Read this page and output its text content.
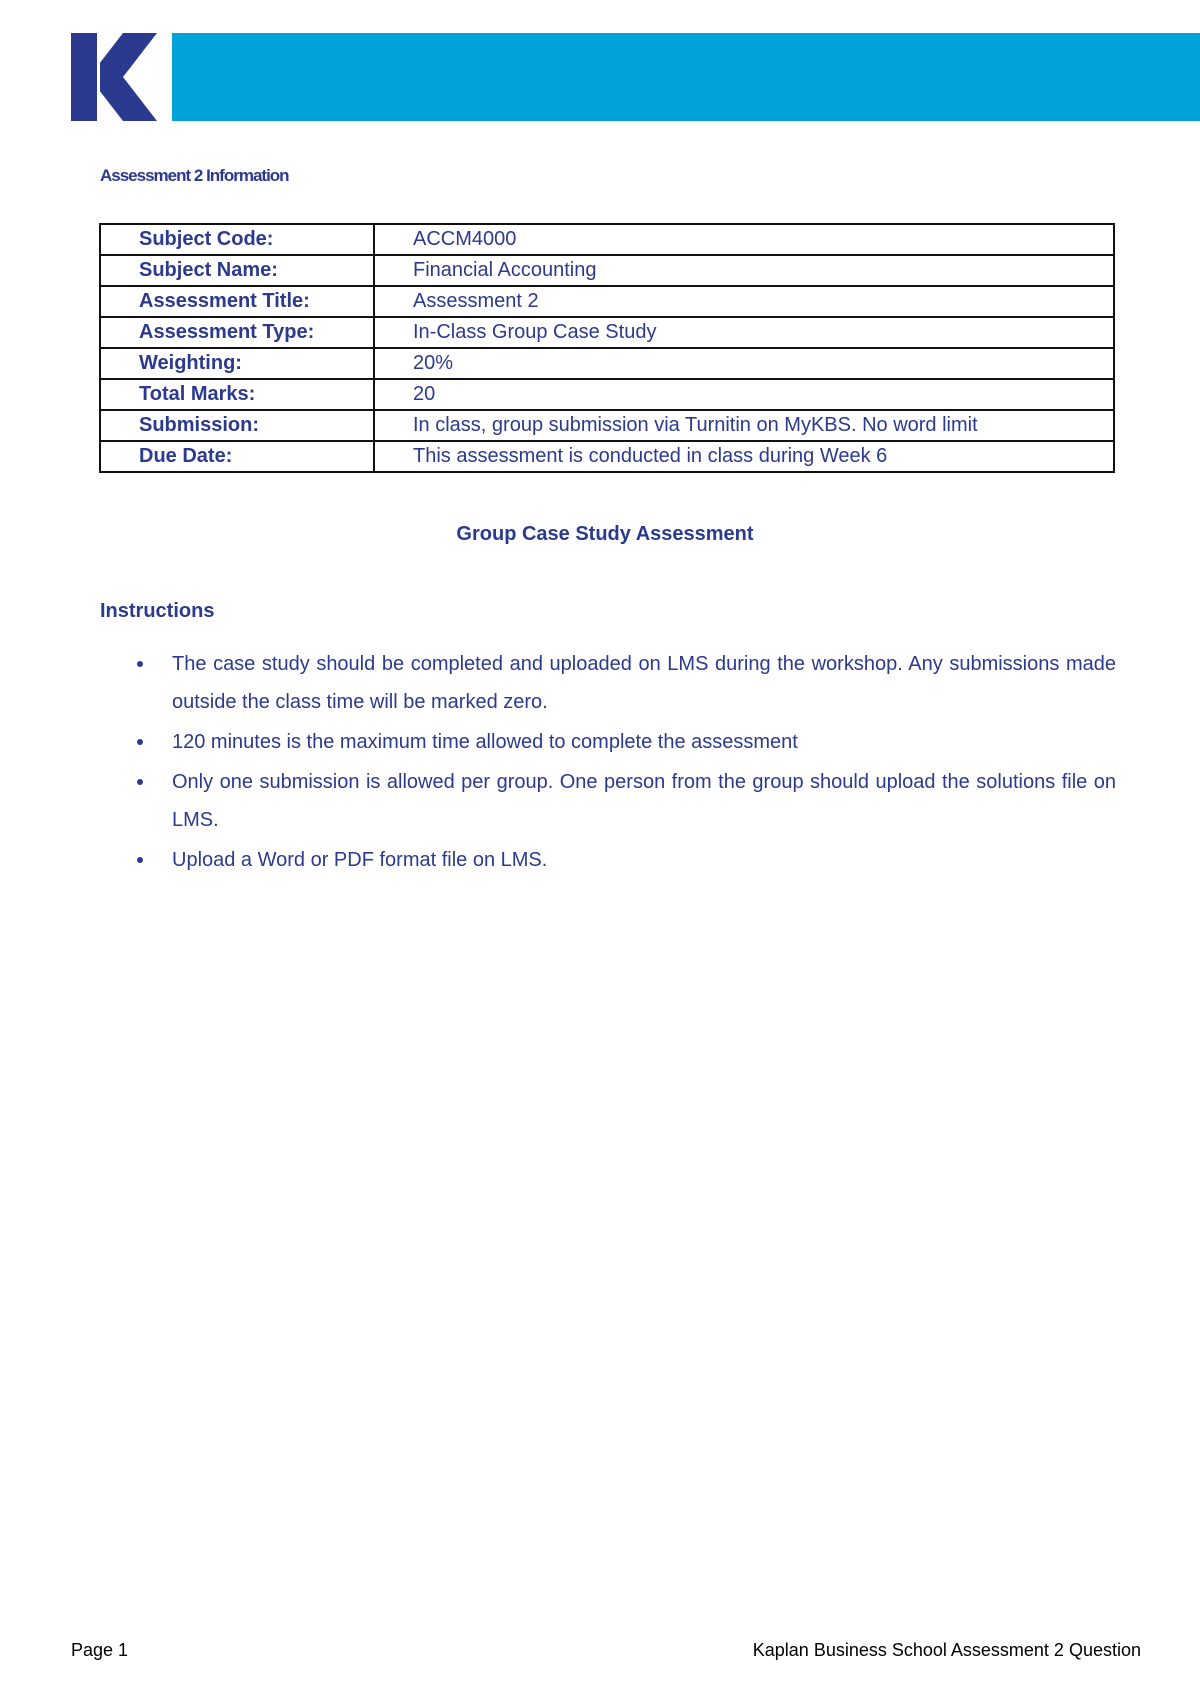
Assessment 2 Information
Subject Code:	ACCM4000
Subject Name:	Financial Accounting
Assessment Title:	Assessment 2
Assessment Type:	In-Class Group Case Study
Weighting:	20%
Total Marks:	20
Submission:	In class, group submission via Turnitin on MyKBS. No word limit
Due Date:	This assessment is conducted in class during Week 6
Group Case Study Assessment
Instructions
The case study should be completed and uploaded on LMS during the workshop. Any submissions made outside the class time will be marked zero.
120 minutes is the maximum time allowed to complete the assessment
Only one submission is allowed per group. One person from the group should upload the solutions file on LMS.
Upload a Word or PDF format file on LMS.
Page 1	Kaplan Business School Assessment 2 Question
